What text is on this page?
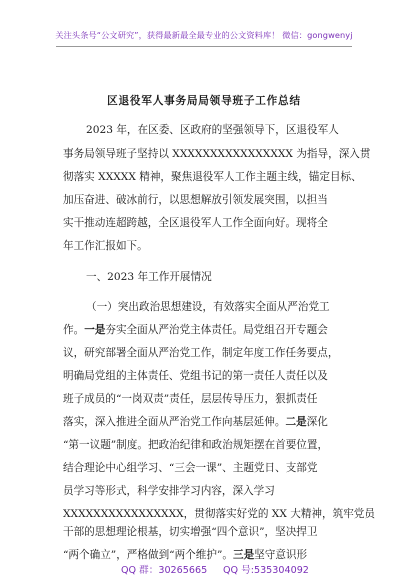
关注头条号“公文研究”，获得最新最全最专业的公文资料库！ 微信：gongwenyj
区退役军人事务局局领导班子工作总结
2023 年，在区委、区政府的坚强领导下，区退役军人
事务局领导班子坚持以 XXXXXXXXXXXXXXXX 为指导，深入贯
彻落实 XXXXX 精神，聚焦退役军人工作主题主线，锚定目标、
加压奋进、破冰前行，以思想解放引领发展突围，以担当
实干推动连超跨越，全区退役军人工作全面向好。现将全
年工作汇报如下。
一、2023 年工作开展情况
（一）突出政治思想建设，有效落实全面从严治党工
作。一是夯实全面从严治党主体责任。局党组召开专题会
议，研究部署全面从严治党工作，制定年度工作任务要点，
明确局党组的主体责任、党组书记的第一责任人责任以及
班子成员的“一岗双责”责任，层层传导压力，狠抓责任
落实，深入推进全面从严治党工作向基层延伸。二是深化
“第一议题”制度。把政治纪律和政治规矩摆在首要位置，
结合理论中心组学习、“三会一课”、主题党日、支部党
员学习等形式，科学安排学习内容，深入学习
XXXXXXXXXXXXXXXX，贯彻落实好党的 XX 大精神，筑牢党员
干部的思想理论根基，切实增强“四个意识”，坚决捍卫
“两个确立”，严格做到“两个维护”。三是坚守意识形
QQ 群：30265665 QQ 号:535304092
